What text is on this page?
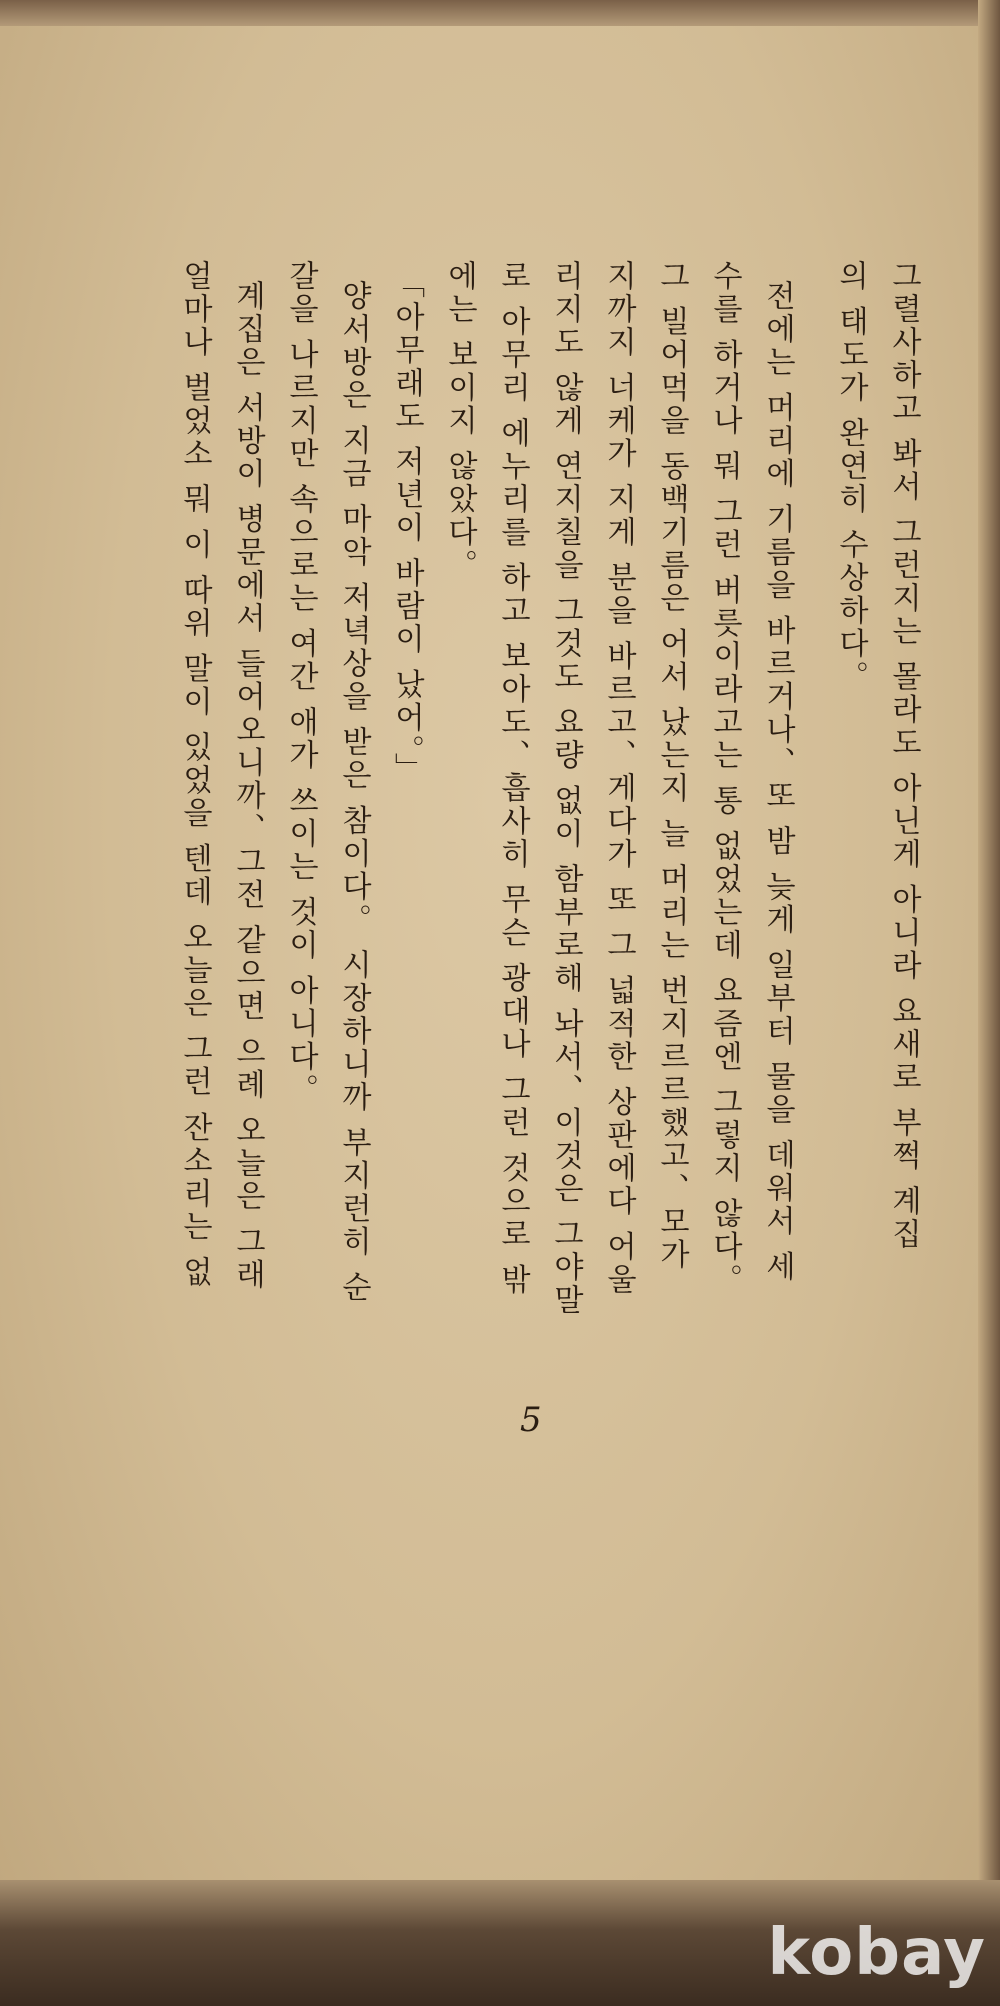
그렬사하고 봐서 그런지는 몰라도 아닌게 아니라 요새로 부쩍 계집
의 태도가 완연히 수상하다。
전에는 머리에 기름을 바르거나、또 밤 늦게 일부터 물을 데워서 세
수를 하거나 뭐 그런 버릇이라고는 통 없었는데 요즘엔 그렇지 않다。
그 빌어먹을 동백기름은 어서 났는지 늘 머리는 번지르르했고、모가
지까지 너케가 지게 분을 바르고、게다가 또 그 넓적한 상판에다 어울
리지도 않게 연지칠을 그것도 요량 없이 함부로해 놔서、이것은 그야말
로 아무리 에누리를 하고 보아도、흡사히 무슨 광대나 그런 것으로 밖
에는 보이지 않았다。
「아무래도 저년이 바람이 났어。」
양서방은 지금 마악 저녁상을 받은 참이다。 시장하니까 부지런히 순
갈을 나르지만 속으로는 여간 애가 쓰이는 것이 아니다。
계집은 서방이 병문에서 들어오니까、그전 같으면 으례 오늘은 그래
얼마나 벌었소 뭐 이 따위 말이 있었을 텐데 오늘은 그런 잔소리는 없
5
kobay
